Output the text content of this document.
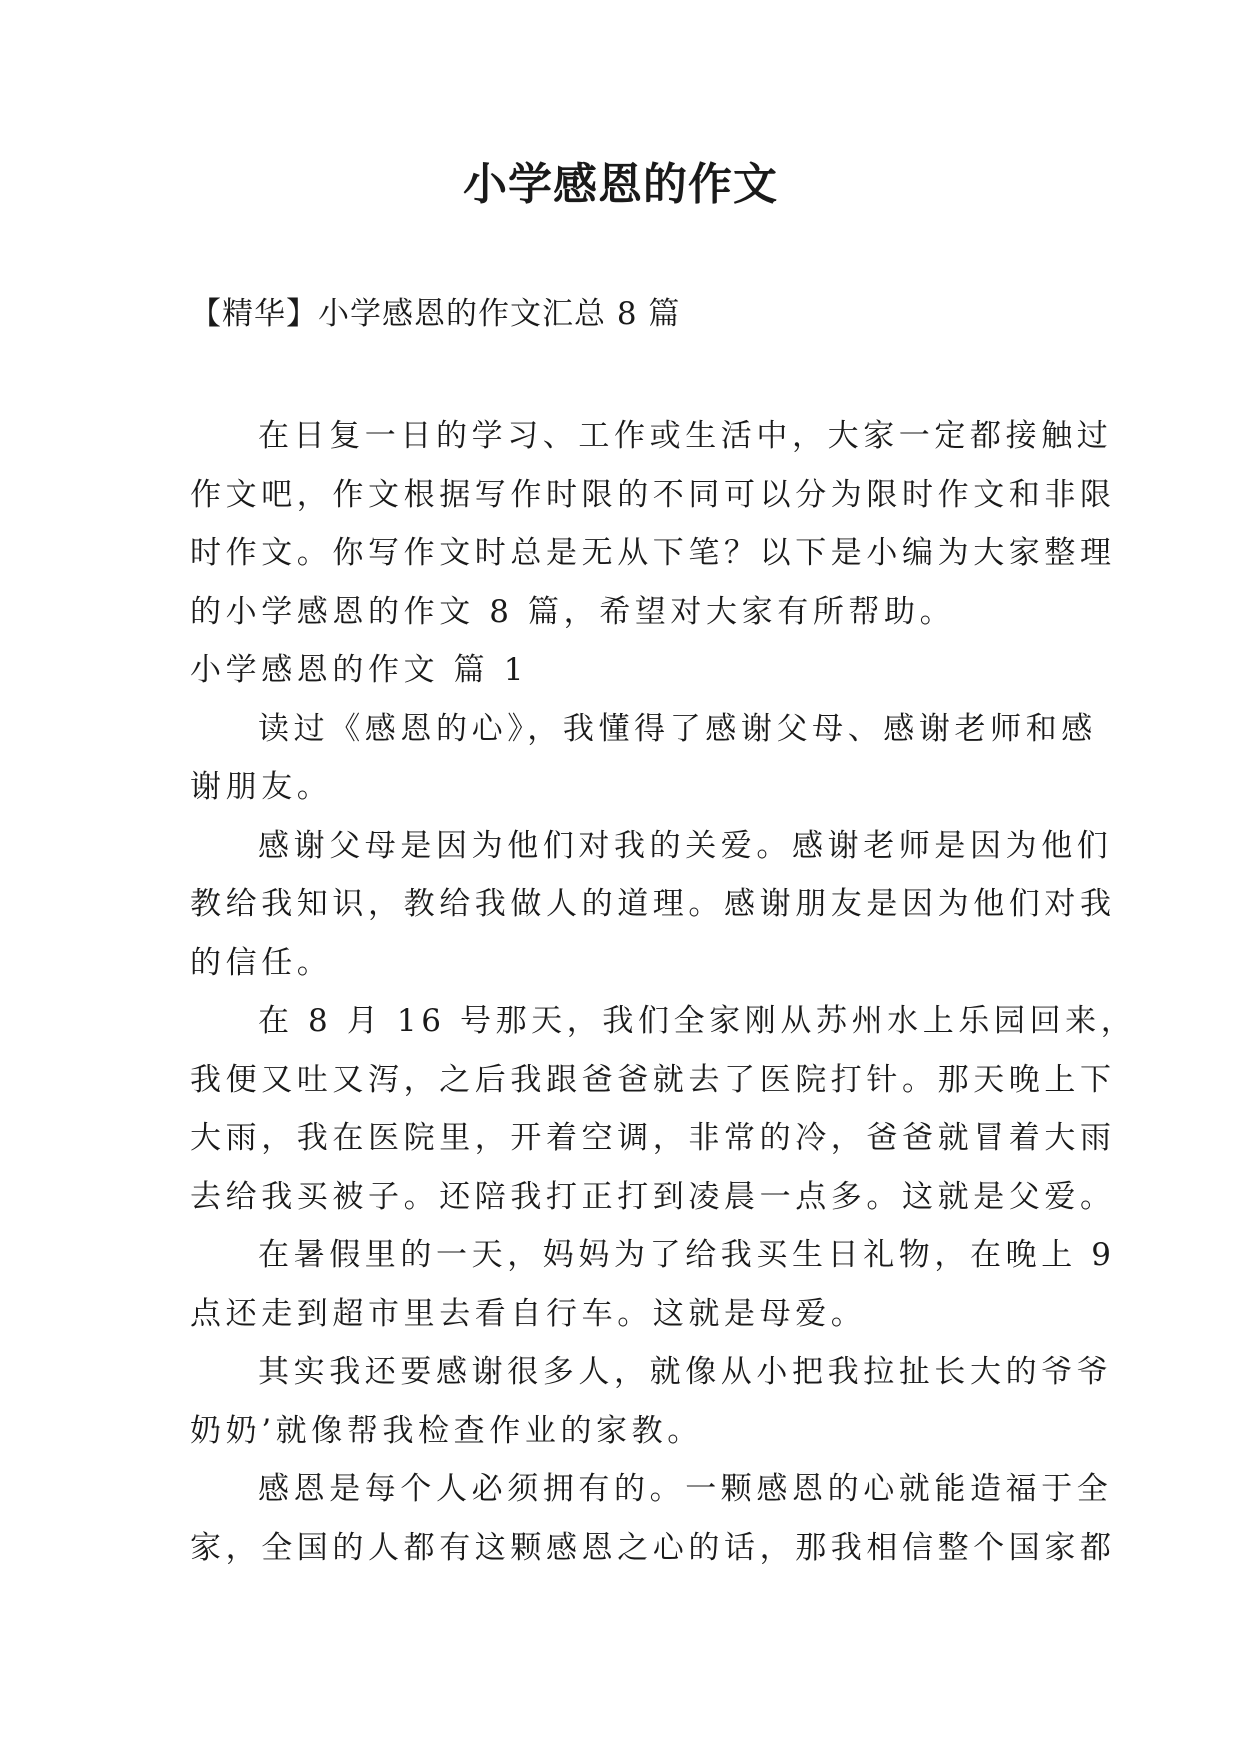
小学感恩的作文

【精华】小学感恩的作文汇总 8 篇

在日复一日的学习、工作或生活中，大家一定都接触过
作文吧，作文根据写作时限的不同可以分为限时作文和非限
时作文。你写作文时总是无从下笔？以下是小编为大家整理
的小学感恩的作文 8 篇，希望对大家有所帮助。
小学感恩的作文 篇 1
读过《感恩的心》，我懂得了感谢父母、感谢老师和感
谢朋友。
感谢父母是因为他们对我的关爱。感谢老师是因为他们
教给我知识，教给我做人的道理。感谢朋友是因为他们对我
的信任。
在 8 月 16 号那天，我们全家刚从苏州水上乐园回来，
我便又吐又泻，之后我跟爸爸就去了医院打针。那天晚上下
大雨，我在医院里，开着空调，非常的冷，爸爸就冒着大雨
去给我买被子。还陪我打正打到凌晨一点多。这就是父爱。
在暑假里的一天，妈妈为了给我买生日礼物，在晚上 9
点还走到超市里去看自行车。这就是母爱。
其实我还要感谢很多人，就像从小把我拉扯长大的爷爷
奶奶’就像帮我检查作业的家教。
感恩是每个人必须拥有的。一颗感恩的心就能造福于全
家，全国的人都有这颗感恩之心的话，那我相信整个国家都
